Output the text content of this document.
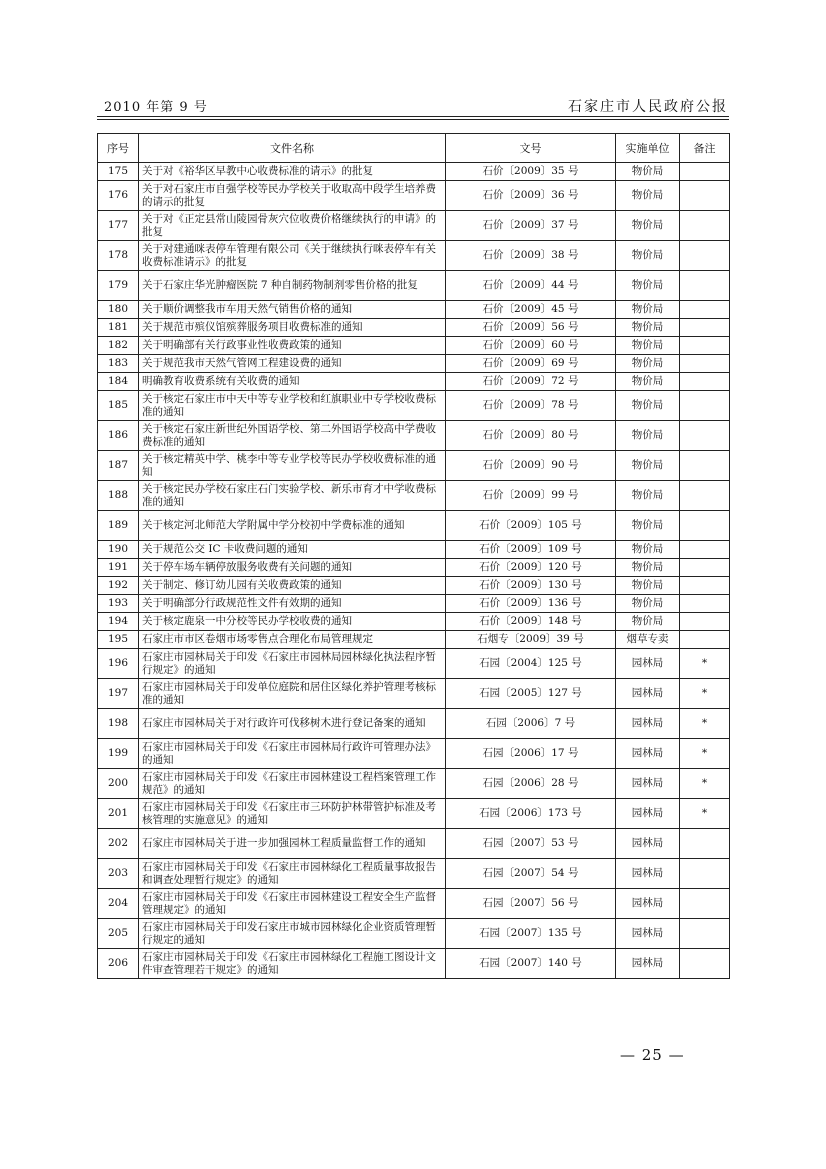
2010 年第 9 号	石家庄市人民政府公报
序号	文件名称	文号	实施单位	备注
175	关于对《裕华区早教中心收费标准的请示》的批复	石价〔2009〕35 号	物价局	
176	关于对石家庄市自强学校等民办学校关于收取高中段学生培养费的请示的批复	石价〔2009〕36 号	物价局	
177	关于对《正定县常山陵园骨灰穴位收费价格继续执行的申请》的批复	石价〔2009〕37 号	物价局	
178	关于对建通咪表停车管理有限公司《关于继续执行咪表停车有关收费标准请示》的批复	石价〔2009〕38 号	物价局	
179	关于石家庄华光肿瘤医院 7 种自制药物制剂零售价格的批复	石价〔2009〕44 号	物价局	
180	关于顺价调整我市车用天然气销售价格的通知	石价〔2009〕45 号	物价局	
181	关于规范市殡仪馆殡葬服务项目收费标准的通知	石价〔2009〕56 号	物价局	
182	关于明确部有关行政事业性收费政策的通知	石价〔2009〕60 号	物价局	
183	关于规范我市天然气管网工程建设费的通知	石价〔2009〕69 号	物价局	
184	明确教育收费系统有关收费的通知	石价〔2009〕72 号	物价局	
185	关于核定石家庄市中天中等专业学校和红旗职业中专学校收费标准的通知	石价〔2009〕78 号	物价局	
186	关于核定石家庄新世纪外国语学校、第二外国语学校高中学费收费标准的通知	石价〔2009〕80 号	物价局	
187	关于核定精英中学、桃李中等专业学校等民办学校收费标准的通知	石价〔2009〕90 号	物价局	
188	关于核定民办学校石家庄石门实验学校、新乐市育才中学收费标准的通知	石价〔2009〕99 号	物价局	
189	关于核定河北师范大学附属中学分校初中学费标准的通知	石价〔2009〕105 号	物价局	
190	关于规范公交 IC 卡收费问题的通知	石价〔2009〕109 号	物价局	
191	关于停车场车辆停放服务收费有关问题的通知	石价〔2009〕120 号	物价局	
192	关于制定、修订幼儿园有关收费政策的通知	石价〔2009〕130 号	物价局	
193	关于明确部分行政规范性文件有效期的通知	石价〔2009〕136 号	物价局	
194	关于核定鹿泉一中分校等民办学校收费的通知	石价〔2009〕148 号	物价局	
195	石家庄市市区卷烟市场零售点合理化布局管理规定	石烟专〔2009〕39 号	烟草专卖	
196	石家庄市园林局关于印发《石家庄市园林局园林绿化执法程序暂行规定》的通知	石园〔2004〕125 号	园林局	*
197	石家庄市园林局关于印发单位庭院和居住区绿化养护管理考核标准的通知	石园〔2005〕127 号	园林局	*
198	石家庄市园林局关于对行政许可伐移树木进行登记备案的通知	石园〔2006〕7 号	园林局	*
199	石家庄市园林局关于印发《石家庄市园林局行政许可管理办法》的通知	石园〔2006〕17 号	园林局	*
200	石家庄市园林局关于印发《石家庄市园林建设工程档案管理工作规范》的通知	石园〔2006〕28 号	园林局	*
201	石家庄市园林局关于印发《石家庄市三环防护林带管护标准及考核管理的实施意见》的通知	石园〔2006〕173 号	园林局	*
202	石家庄市园林局关于进一步加强园林工程质量监督工作的通知	石园〔2007〕53 号	园林局	
203	石家庄市园林局关于印发《石家庄市园林绿化工程质量事故报告和调查处理暂行规定》的通知	石园〔2007〕54 号	园林局	
204	石家庄市园林局关于印发《石家庄市园林建设工程安全生产监督管理规定》的通知	石园〔2007〕56 号	园林局	
205	石家庄市园林局关于印发石家庄市城市园林绿化企业资质管理暂行规定的通知	石园〔2007〕135 号	园林局	
206	石家庄市园林局关于印发《石家庄市园林绿化工程施工图设计文件审查管理若干规定》的通知	石园〔2007〕140 号	园林局	
— 25 —
